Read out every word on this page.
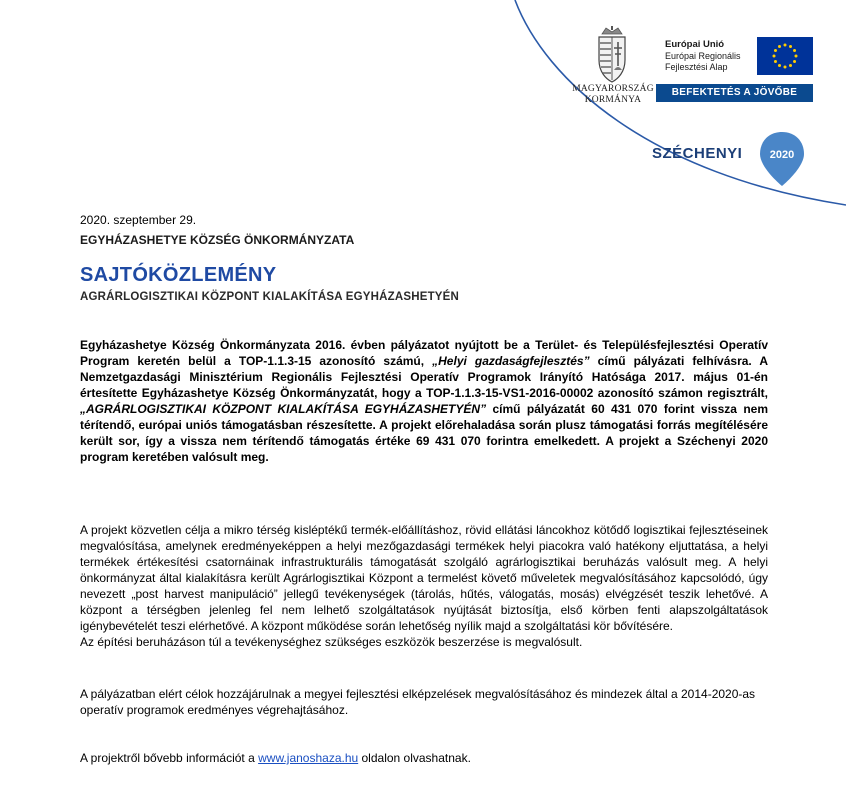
MAGYARORSZÁG
KORMÁNYA
Európai Unió
Európai Regionális
Fejlesztési Alap
BEFEKTETÉS A JÖVŐBE
SZÉCHENYI 2020
2020. szeptember 29.
EGYHÁZASHETYE KÖZSÉG ÖNKORMÁNYZATA
SAJTÓKÖZLEMÉNY
AGRÁRLOGISZTIKAI KÖZPONT KIALAKÍTÁSA EGYHÁZASHETYÉN
Egyházashetye Község Önkormányzata 2016. évben pályázatot nyújtott be a Terület- és Településfejlesztési Operatív Program keretén belül a TOP-1.1.3-15 azonosító számú, „Helyi gazdaságfejlesztés” című pályázati felhívásra. A Nemzetgazdasági Minisztérium Regionális Fejlesztési Operatív Programok Irányító Hatósága 2017. május 01-én értesítette Egyházashetye Község Önkormányzatát, hogy a TOP-1.1.3-15-VS1-2016-00002 azonosító számon regisztrált, „AGRÁRLOGISZTIKAI KÖZPONT KIALAKÍTÁSA EGYHÁZASHETYÉN” című pályázatát 60 431 070 forint vissza nem térítendő, európai uniós támogatásban részesítette. A projekt előrehaladása során plusz támogatási forrás megítélésére került sor, így a vissza nem térítendő támogatás értéke 69 431 070 forintra emelkedett. A projekt a Széchenyi 2020 program keretében valósult meg.
A projekt közvetlen célja a mikro térség kisléptékű termék-előállításhoz, rövid ellátási láncokhoz kötődő logisztikai fejlesztéseinek megvalósítása, amelynek eredményeképpen a helyi mezőgazdasági termékek helyi piacokra való hatékony eljuttatása, a helyi termékek értékesítési csatornáinak infrastrukturális támogatását szolgáló agrárlogisztikai beruházás valósult meg. A helyi önkormányzat által kialakításra került Agrárlogisztikai Központ a termelést követő műveletek megvalósításához kapcsolódó, úgy nevezett „post harvest manipuláció” jellegű tevékenységek (tárolás, hűtés, válogatás, mosás) elvégzését teszik lehetővé. A központ a térségben jelenleg fel nem lelhető szolgáltatások nyújtását biztosítja, első körben fenti alapszolgáltatások igénybevételét teszi elérhetővé. A központ működése során lehetőség nyílik majd a szolgáltatási kör bővítésére.
Az építési beruházáson túl a tevékenységhez szükséges eszközök beszerzése is megvalósult.
A pályázatban elért célok hozzájárulnak a megyei fejlesztési elképzelések megvalósításához és mindezek által a 2014-2020-as operatív programok eredményes végrehajtásához.
A projektről bővebb információt a www.janoshaza.hu oldalon olvashatnak.
